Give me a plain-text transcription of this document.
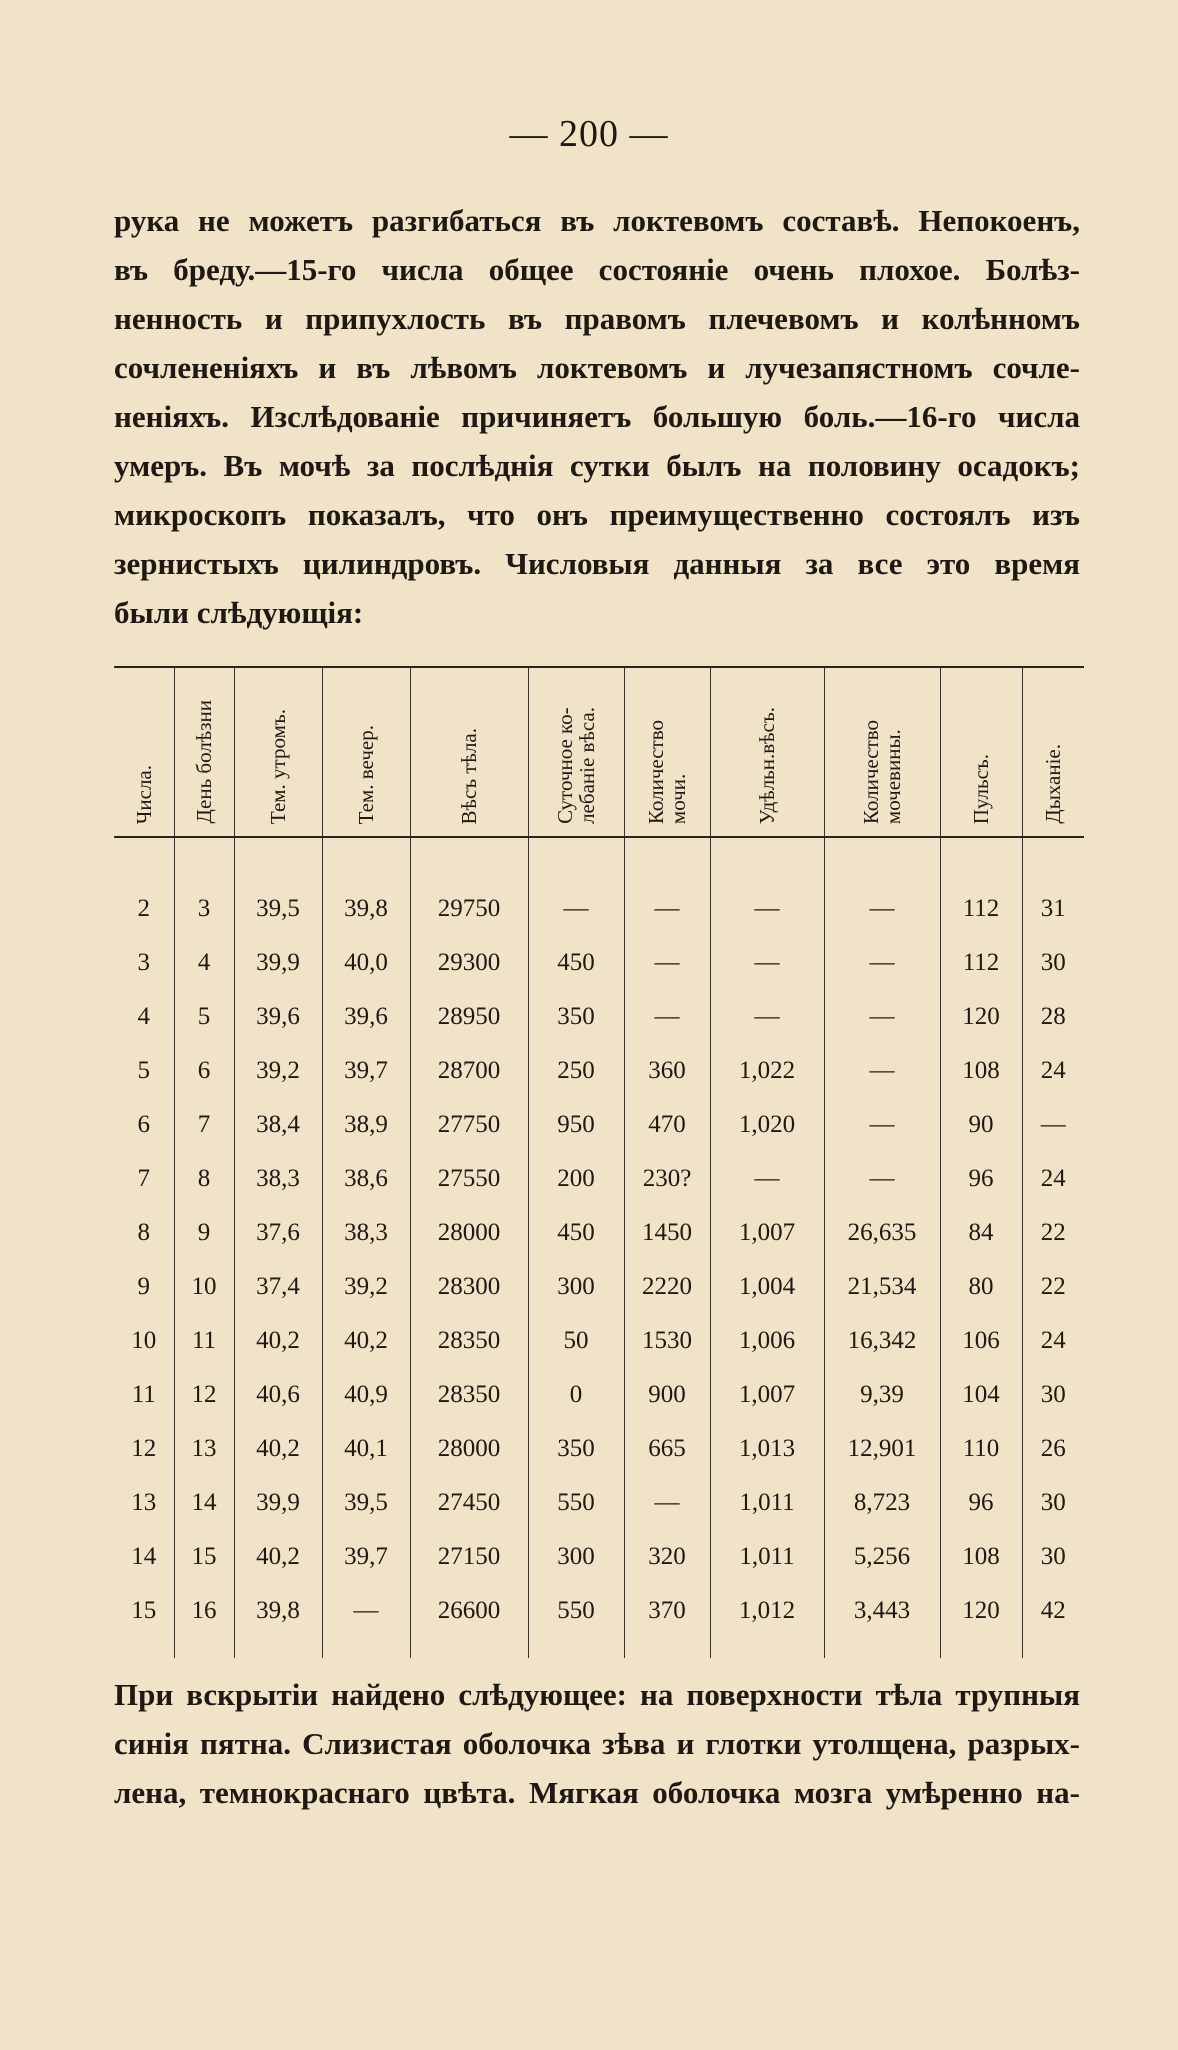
— 200 —
рука не можетъ разгибаться въ локтевомъ составѣ. Непокоенъ,
въ бреду.—15-го числа общее состояніе очень плохое. Болѣз-
ненность и припухлость въ правомъ плечевомъ и колѣнномъ
сочлененіяхъ и въ лѣвомъ локтевомъ и лучезапястномъ сочле-
неніяхъ. Изслѣдованіе причиняетъ большую боль.—16-го числа
умеръ. Въ мочѣ за послѣднія сутки былъ на половину осадокъ;
микроскопъ показалъ, что онъ преимущественно состоялъ изъ
зернистыхъ цилиндровъ. Числовыя данныя за все это время
были слѣдующія:
Числа.	День болѣзни	Тем. утромъ.	Тем. вечер.	Вѣсъ тѣла.	Суточное ко-
лебаніе вѣса.	Количество
мочи.	Удѣльн.вѣсъ.	Количество
мочевины.	Пульсъ.	Дыханіе.

2	3	39,5	39,8	29750	—	—	—	—	112	31
3	4	39,9	40,0	29300	450	—	—	—	112	30
4	5	39,6	39,6	28950	350	—	—	—	120	28
5	6	39,2	39,7	28700	250	360	1,022	—	108	24
6	7	38,4	38,9	27750	950	470	1,020	—	90	—
7	8	38,3	38,6	27550	200	230?	—	—	96	24
8	9	37,6	38,3	28000	450	1450	1,007	26,635	84	22
9	10	37,4	39,2	28300	300	2220	1,004	21,534	80	22
10	11	40,2	40,2	28350	50	1530	1,006	16,342	106	24
11	12	40,6	40,9	28350	0	900	1,007	9,39	104	30
12	13	40,2	40,1	28000	350	665	1,013	12,901	110	26
13	14	39,9	39,5	27450	550	—	1,011	8,723	96	30
14	15	40,2	39,7	27150	300	320	1,011	5,256	108	30
15	16	39,8	—	26600	550	370	1,012	3,443	120	42

При вскрытіи найдено слѣдующее: на поверхности тѣла трупныя
синія пятна. Слизистая оболочка зѣва и глотки утолщена, разрых-
лена, темнокраснаго цвѣта. Мягкая оболочка мозга умѣренно на-
